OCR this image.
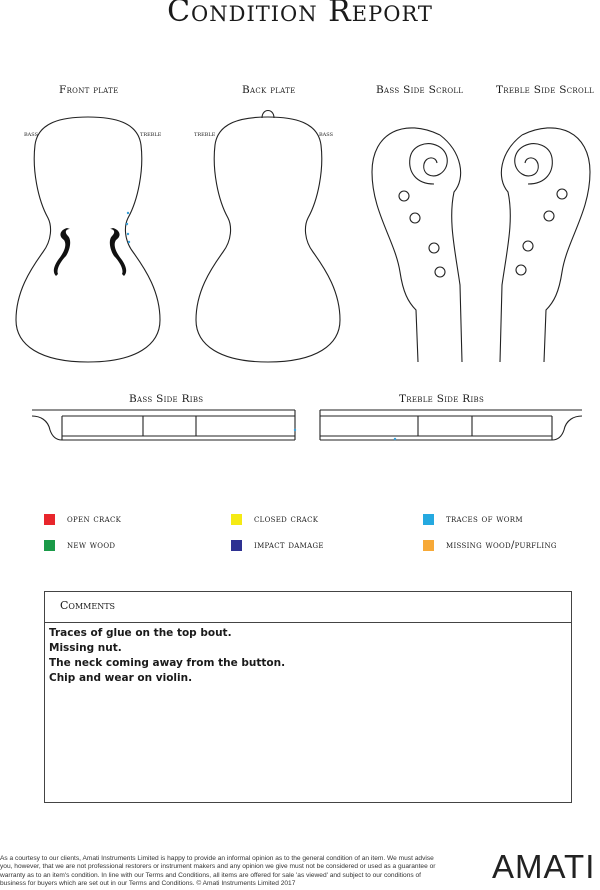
Condition Report
Front plate	Back plate	Bass Side Scroll	Treble Side Scroll
bass	treble	treble	bass
Bass Side Ribs	Treble Side Ribs
open crack	closed crack	traces of worm
new wood	impact damage	missing wood/purfling
Comments
Traces of glue on the top bout.
Missing nut.
The neck coming away from the button.
Chip and wear on violin.
As a courtesy to our clients, Amati Instruments Limited is happy to provide an informal opinion as to the general condition of an item. We must advise you, however, that we are not professional restorers or instrument makers and any opinion we give must not be considered or used as a guarantee or warranty as to an item's condition. In line with our Terms and Conditions, all items are offered for sale 'as viewed' and subject to our conditions of business for buyers which are set out in our Terms and Conditions. © Amati Instruments Limited 2017	AMATI
